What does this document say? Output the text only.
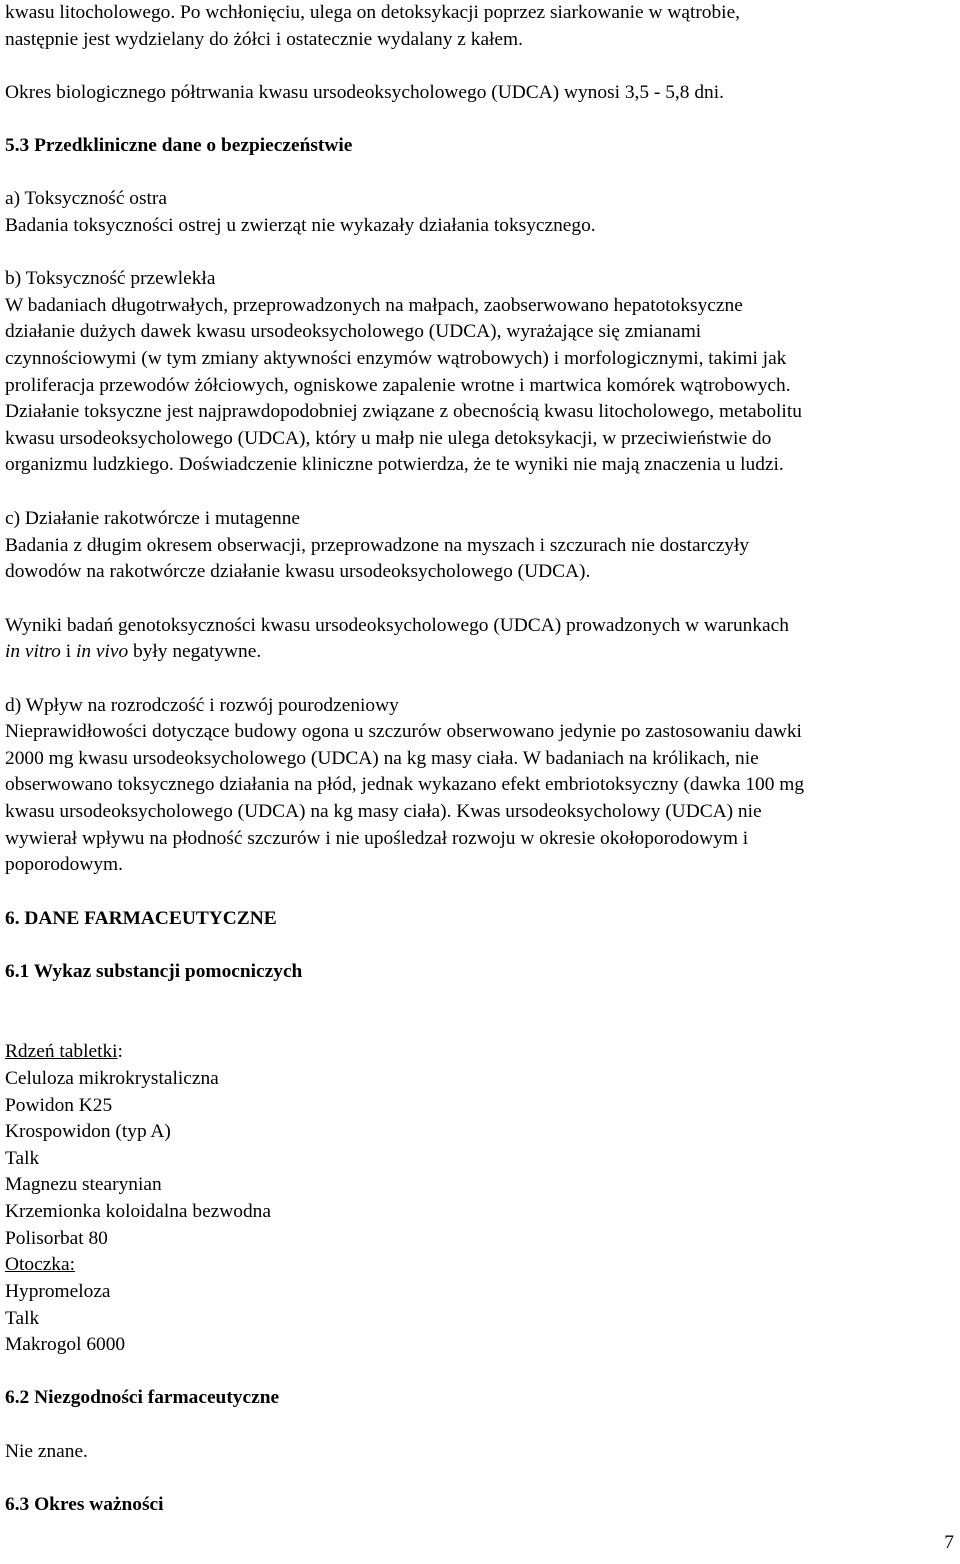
kwasu litocholowego. Po wchłonięciu, ulega on detoksykacji poprzez siarkowanie w wątrobie,
następnie jest wydzielany do żółci i ostatecznie wydalany z kałem.
Okres biologicznego półtrwania kwasu ursodeoksycholowego (UDCA) wynosi 3,5 - 5,8 dni.
5.3 Przedkliniczne dane o bezpieczeństwie
a) Toksyczność ostra
Badania toksyczności ostrej u zwierząt nie wykazały działania toksycznego.
b) Toksyczność przewlekła
W badaniach długotrwałych, przeprowadzonych na małpach, zaobserwowano hepatotoksyczne
działanie dużych dawek kwasu ursodeoksycholowego (UDCA), wyrażające się zmianami
czynnościowymi (w tym zmiany aktywności enzymów wątrobowych) i morfologicznymi, takimi jak
proliferacja przewodów żółciowych, ogniskowe zapalenie wrotne i martwica komórek wątrobowych.
Działanie toksyczne jest najprawdopodobniej związane z obecnością kwasu litocholowego, metabolitu
kwasu ursodeoksycholowego (UDCA), który u małp nie ulega detoksykacji, w przeciwieństwie do
organizmu ludzkiego. Doświadczenie kliniczne potwierdza, że te wyniki nie mają znaczenia u ludzi.
c) Działanie rakotwórcze i mutagenne
Badania z długim okresem obserwacji, przeprowadzone na myszach i szczurach nie dostarczyły
dowodów na rakotwórcze działanie kwasu ursodeoksycholowego (UDCA).
Wyniki badań genotoksyczności kwasu ursodeoksycholowego (UDCA) prowadzonych w warunkach
in vitro i in vivo były negatywne.
d) Wpływ na rozrodczość i rozwój pourodzeniowy
Nieprawidłowości dotyczące budowy ogona u szczurów obserwowano jedynie po zastosowaniu dawki
2000 mg kwasu ursodeoksycholowego (UDCA) na kg masy ciała. W badaniach na królikach, nie
obserwowano toksycznego działania na płód, jednak wykazano efekt embriotoksyczny (dawka 100 mg
kwasu ursodeoksycholowego (UDCA) na kg masy ciała). Kwas ursodeoksycholowy (UDCA) nie
wywierał wpływu na płodność szczurów i nie upośledzał rozwoju w okresie okołoporodowym i
poporodowym.
6. DANE FARMACEUTYCZNE
6.1 Wykaz substancji pomocniczych
Rdzeń tabletki:
Celuloza mikrokrystaliczna
Powidon K25
Krospowidon (typ A)
Talk
Magnezu stearynian
Krzemionka koloidalna bezwodna
Polisorbat 80
Otoczka:
Hypromeloza
Talk
Makrogol 6000
6.2 Niezgodności farmaceutyczne
Nie znane.
6.3 Okres ważności
7
